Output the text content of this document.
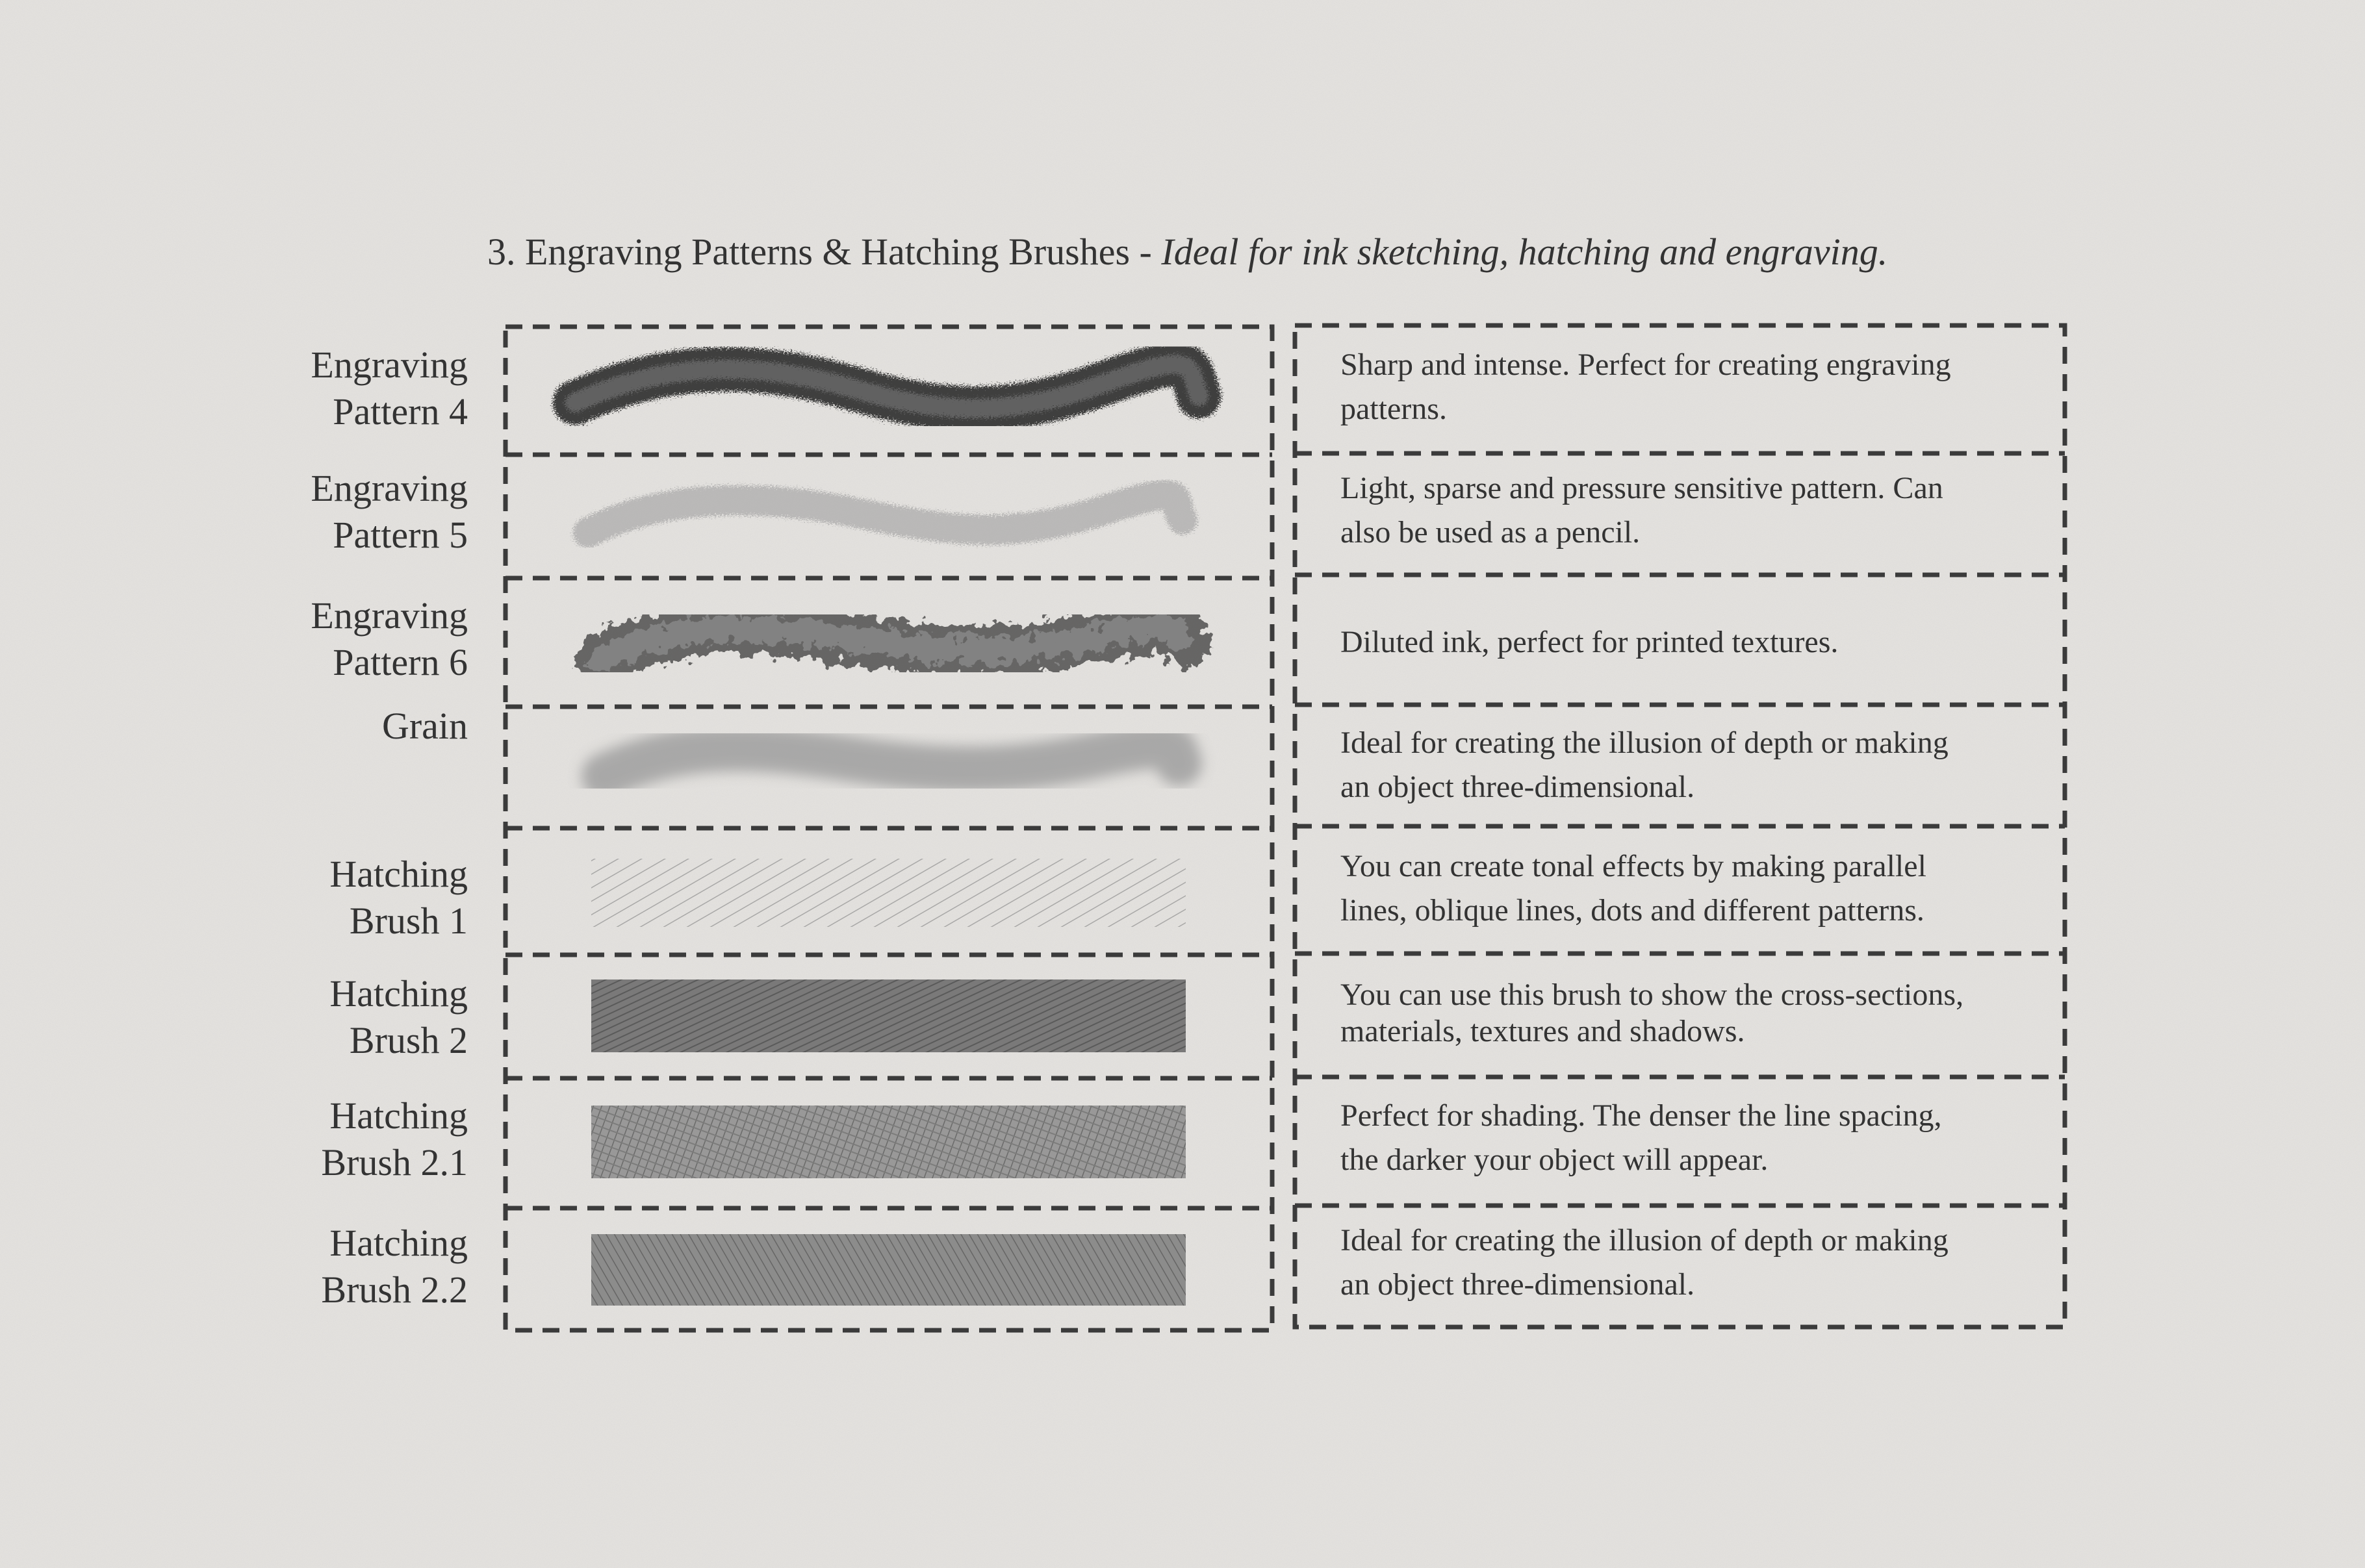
3. Engraving Patterns & Hatching Brushes - Ideal for ink sketching, hatching and engraving.
Engraving
Pattern 4
Engraving
Pattern 5
Engraving
Pattern 6
Grain
Hatching
Brush 1
Hatching
Brush 2
Hatching
Brush 2.1
Hatching
Brush 2.2
Sharp and intense. Perfect for creating engraving
patterns.
Light, sparse and pressure sensitive pattern. Can
also be used as a pencil.
Diluted ink, perfect for printed textures.
Ideal for creating the illusion of depth or making
an object three-dimensional.
You can create tonal effects by making parallel
lines, oblique lines, dots and different patterns.
You can use this brush to show the cross-sections,
materials, textures and shadows.
Perfect for shading. The denser the line spacing,
the darker your object will appear.
Ideal for creating the illusion of depth or making
an object three-dimensional.
